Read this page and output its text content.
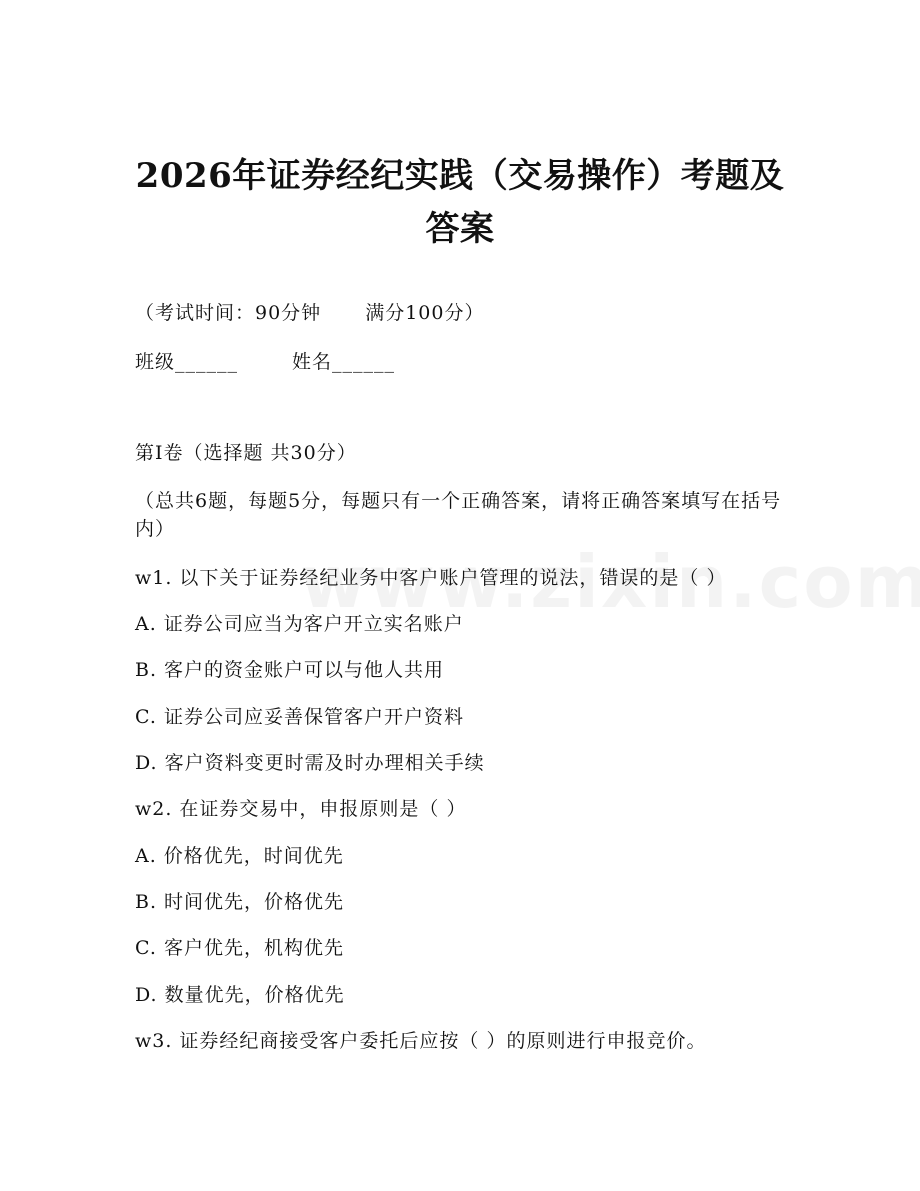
2026年证券经纪实践（交易操作）考题及答案
（考试时间：90分钟 满分100分）
班级______	姓名______
第I卷（选择题 共30分）
（总共6题，每题5分，每题只有一个正确答案，请将正确答案填写在括号内）
w1. 以下关于证券经纪业务中客户账户管理的说法，错误的是（ ）
A. 证券公司应当为客户开立实名账户
B. 客户的资金账户可以与他人共用
C. 证券公司应妥善保管客户开户资料
D. 客户资料变更时需及时办理相关手续
w2. 在证券交易中，申报原则是（ ）
A. 价格优先，时间优先
B. 时间优先，价格优先
C. 客户优先，机构优先
D. 数量优先，价格优先
w3. 证券经纪商接受客户委托后应按（ ）的原则进行申报竞价。
